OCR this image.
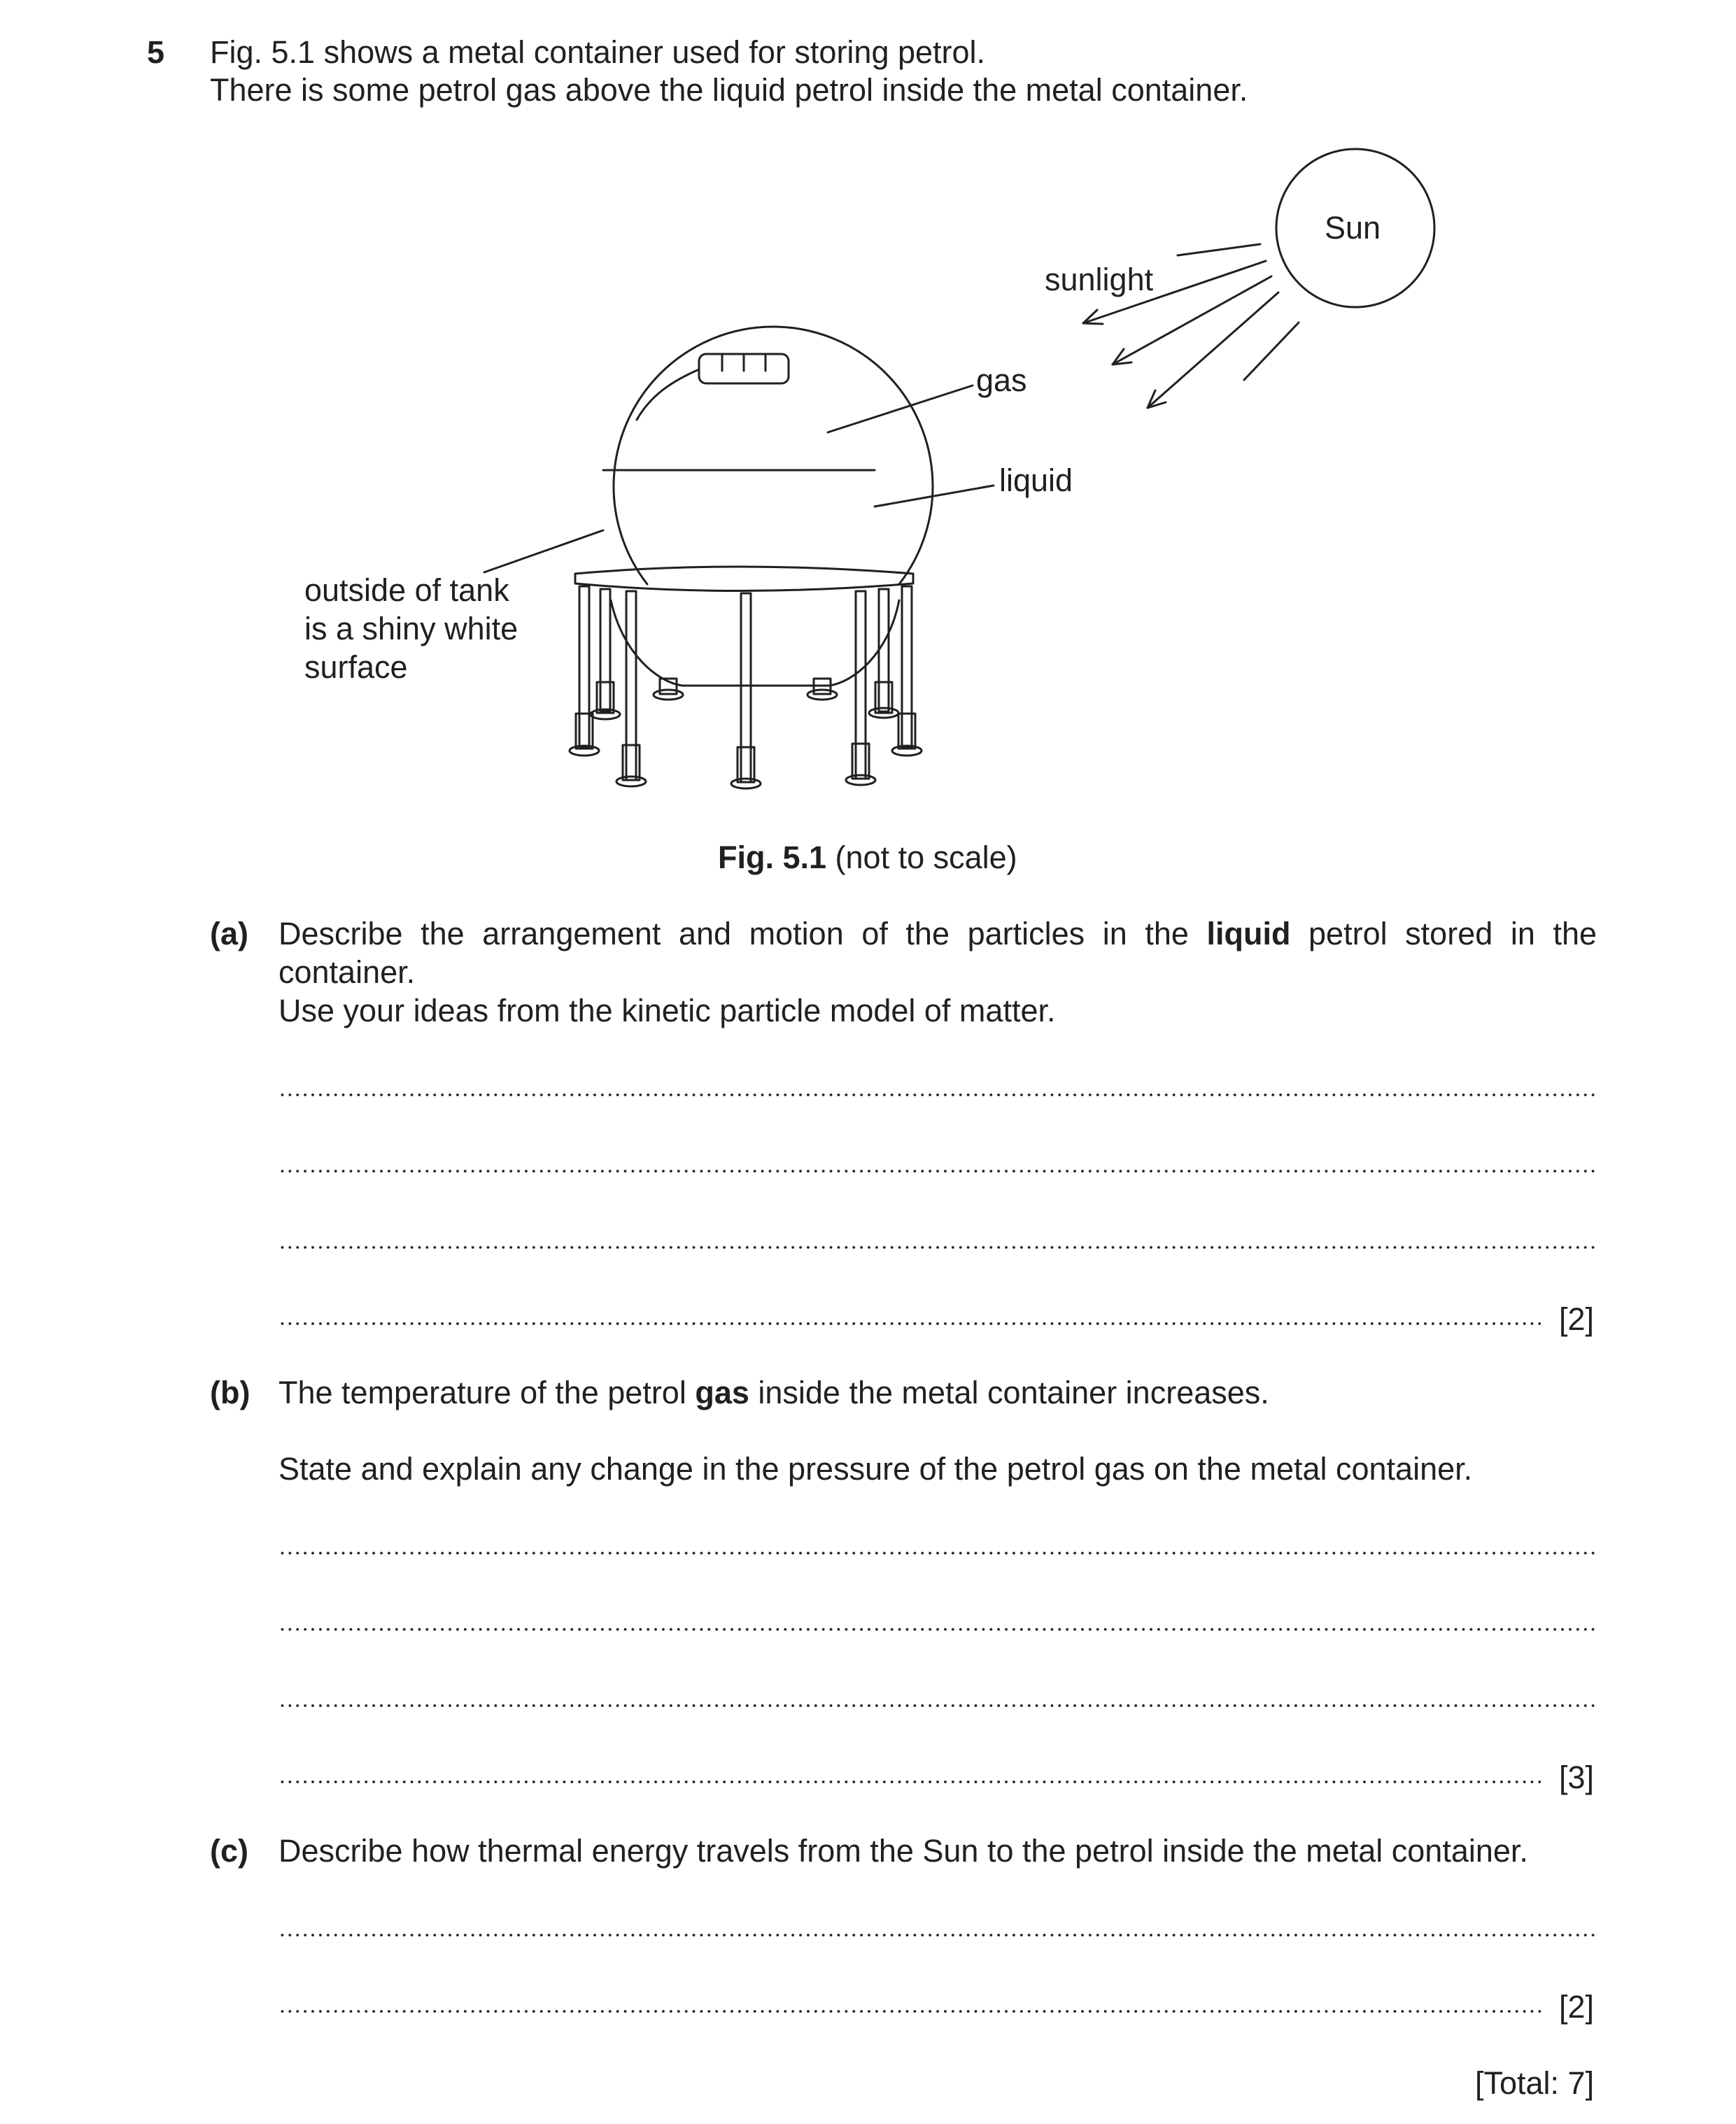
5 Fig. 5.1 shows a metal container used for storing petrol.
There is some petrol gas above the liquid petrol inside the metal container.
Sun
sunlight
gas
liquid
outside of tank
is a shiny white
surface
Fig. 5.1 (not to scale)
(a) Describe the arrangement and motion of the particles in the liquid petrol stored in the
container.
Use your ideas from the kinetic particle model of matter.
[2]
(b) The temperature of the petrol gas inside the metal container increases.
State and explain any change in the pressure of the petrol gas on the metal container.
[3]
(c) Describe how thermal energy travels from the Sun to the petrol inside the metal container.
[2]
[Total: 7]
